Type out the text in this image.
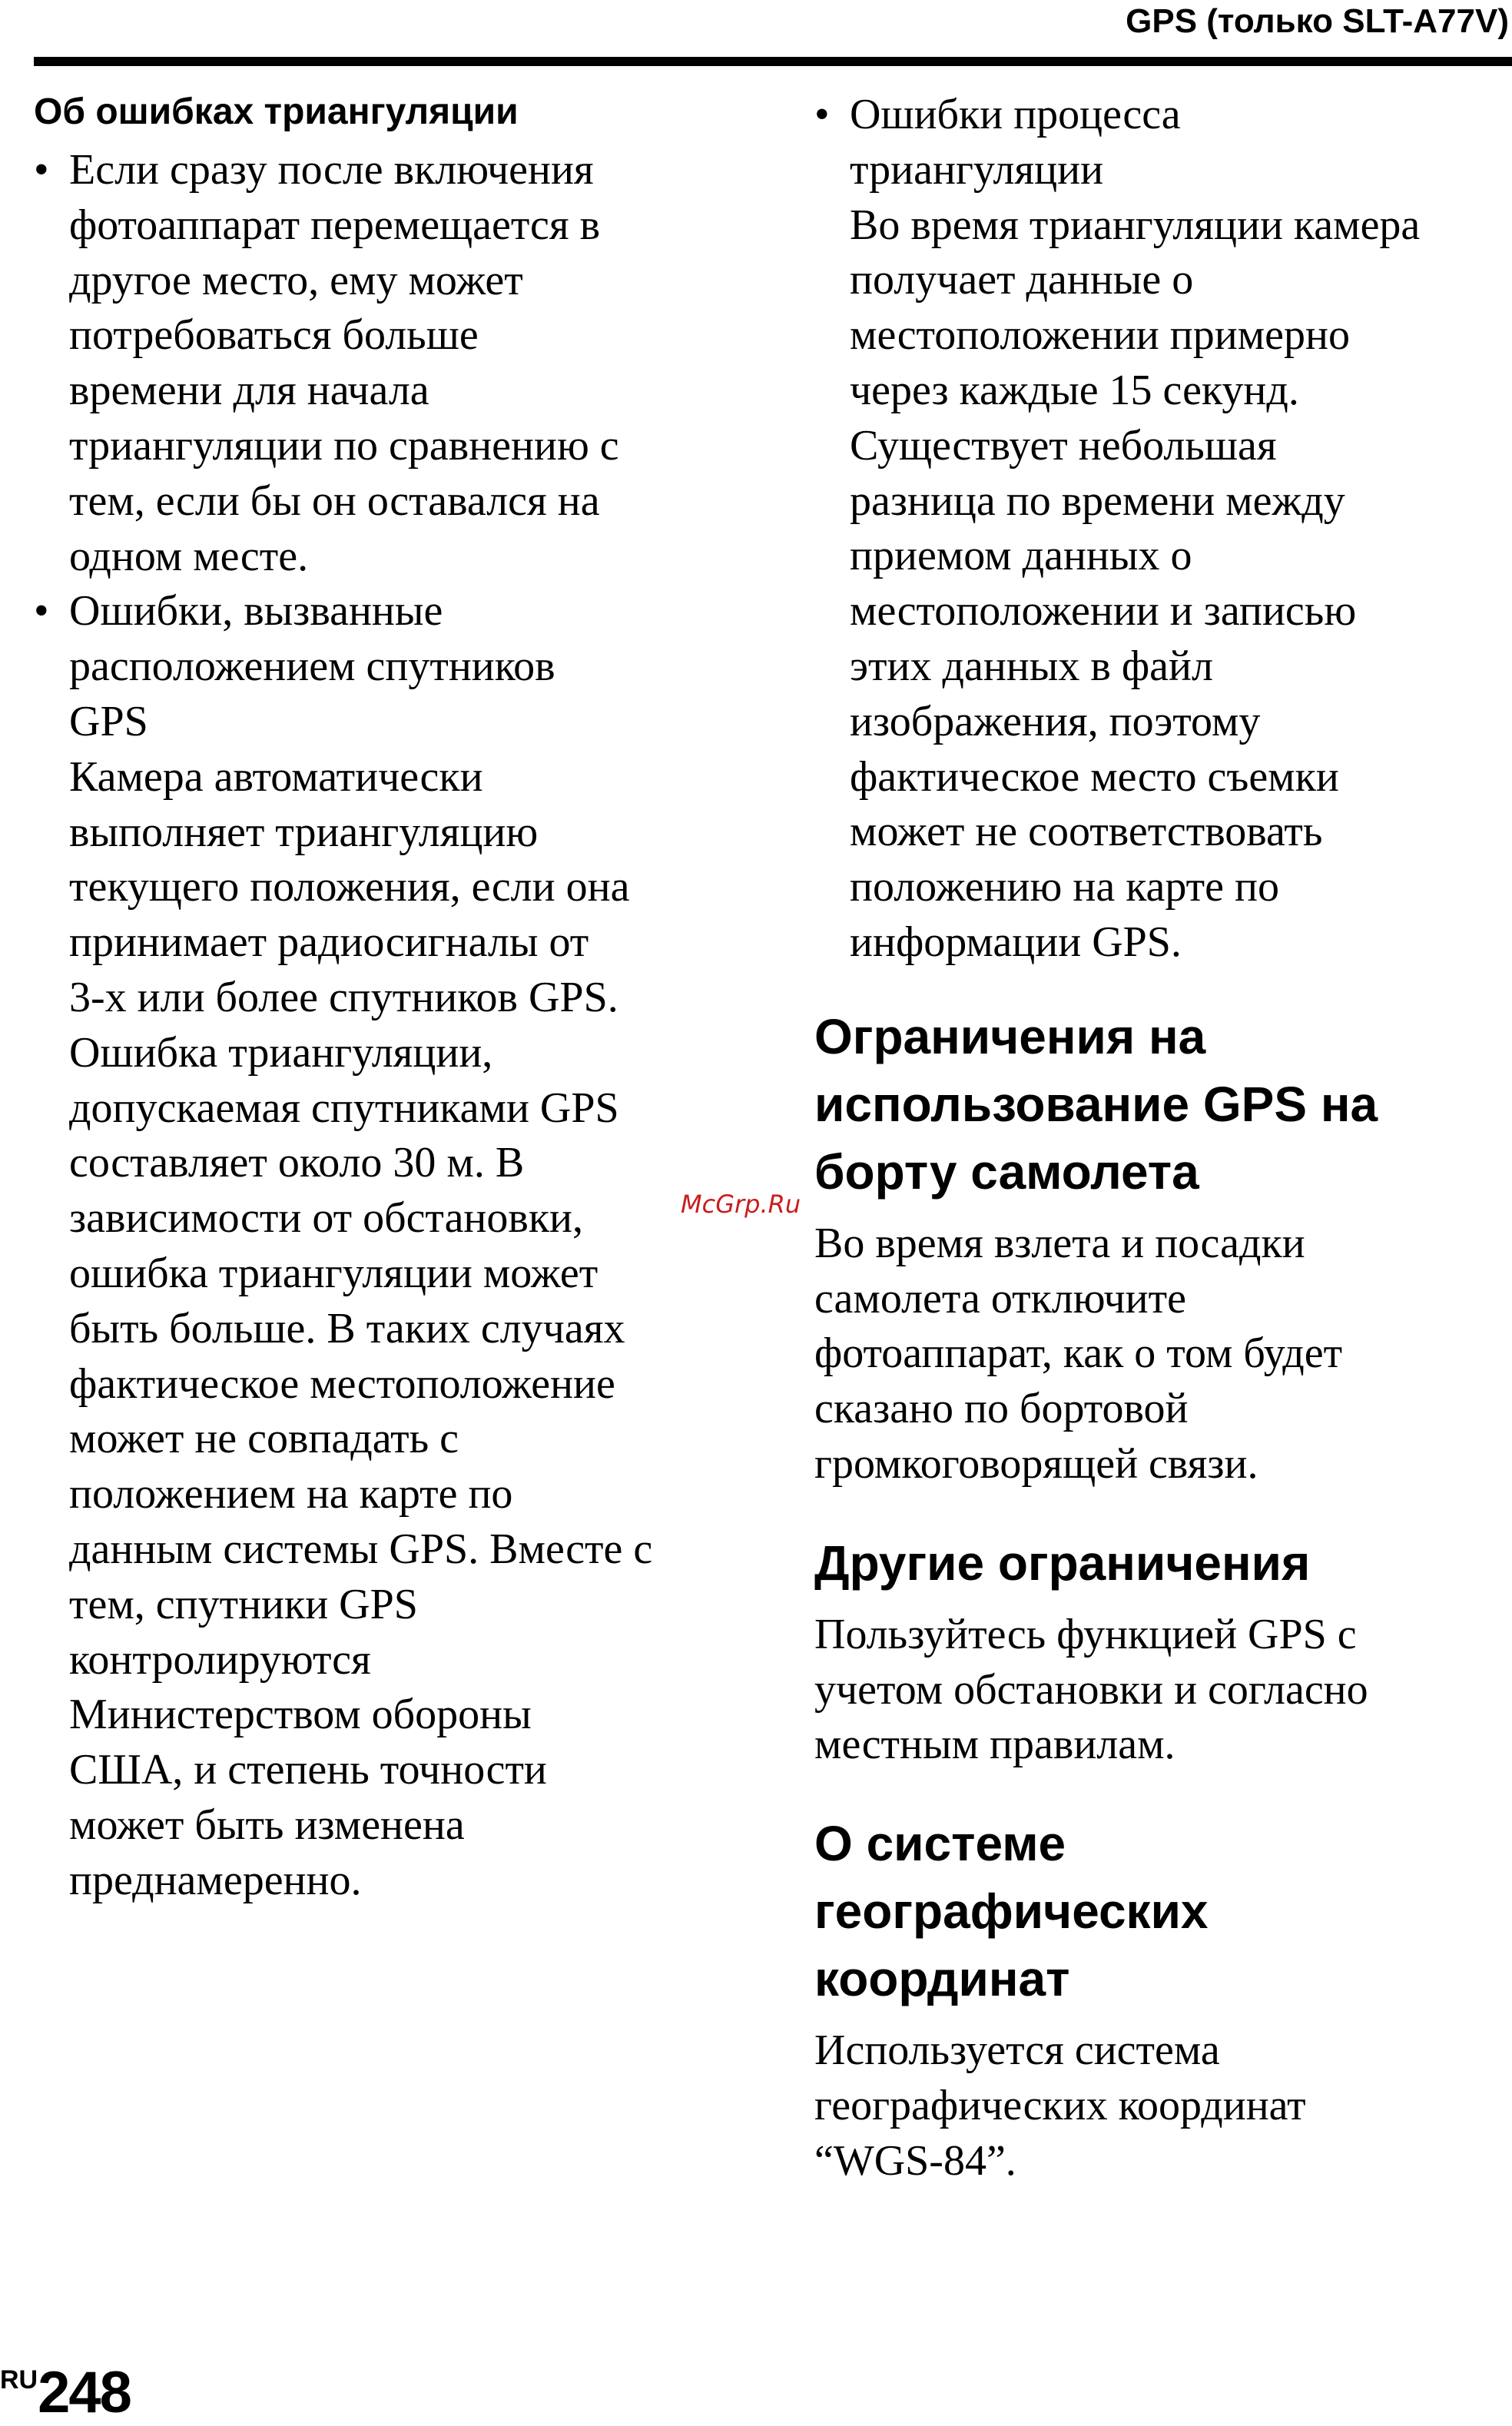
GPS (только SLT-A77V)
Об ошибках триангуляции
• Если сразу после включения
фотоаппарат перемещается в
другое место, ему может
потребоваться больше
времени для начала
триангуляции по сравнению с
тем, если бы он оставался на
одном месте.
• Ошибки, вызванные
расположением спутников
GPS
Камера автоматически
выполняет триангуляцию
текущего положения, если она
принимает радиосигналы от
3-х или более спутников GPS.
Ошибка триангуляции,
допускаемая спутниками GPS
составляет около 30 м. В
зависимости от обстановки,
ошибка триангуляции может
быть больше. В таких случаях
фактическое местоположение
может не совпадать с
положением на карте по
данным системы GPS. Вместе с
тем, спутники GPS
контролируются
Министерством обороны
США, и степень точности
может быть изменена
преднамеренно.
• Ошибки процесса
триангуляции
Во время триангуляции камера
получает данные о
местоположении примерно
через каждые 15 секунд.
Существует небольшая
разница по времени между
приемом данных о
местоположении и записью
этих данных в файл
изображения, поэтому
фактическое место съемки
может не соответствовать
положению на карте по
информации GPS.
Ограничения на
использование GPS на
борту самолета
Во время взлета и посадки
самолета отключите
фотоаппарат, как о том будет
сказано по бортовой
громкоговорящей связи.
Другие ограничения
Пользуйтесь функцией GPS с
учетом обстановки и согласно
местным правилам.
О системе
географических
координат
Используется система
географических координат
“WGS-84”.
McGrp.Ru
RU248
